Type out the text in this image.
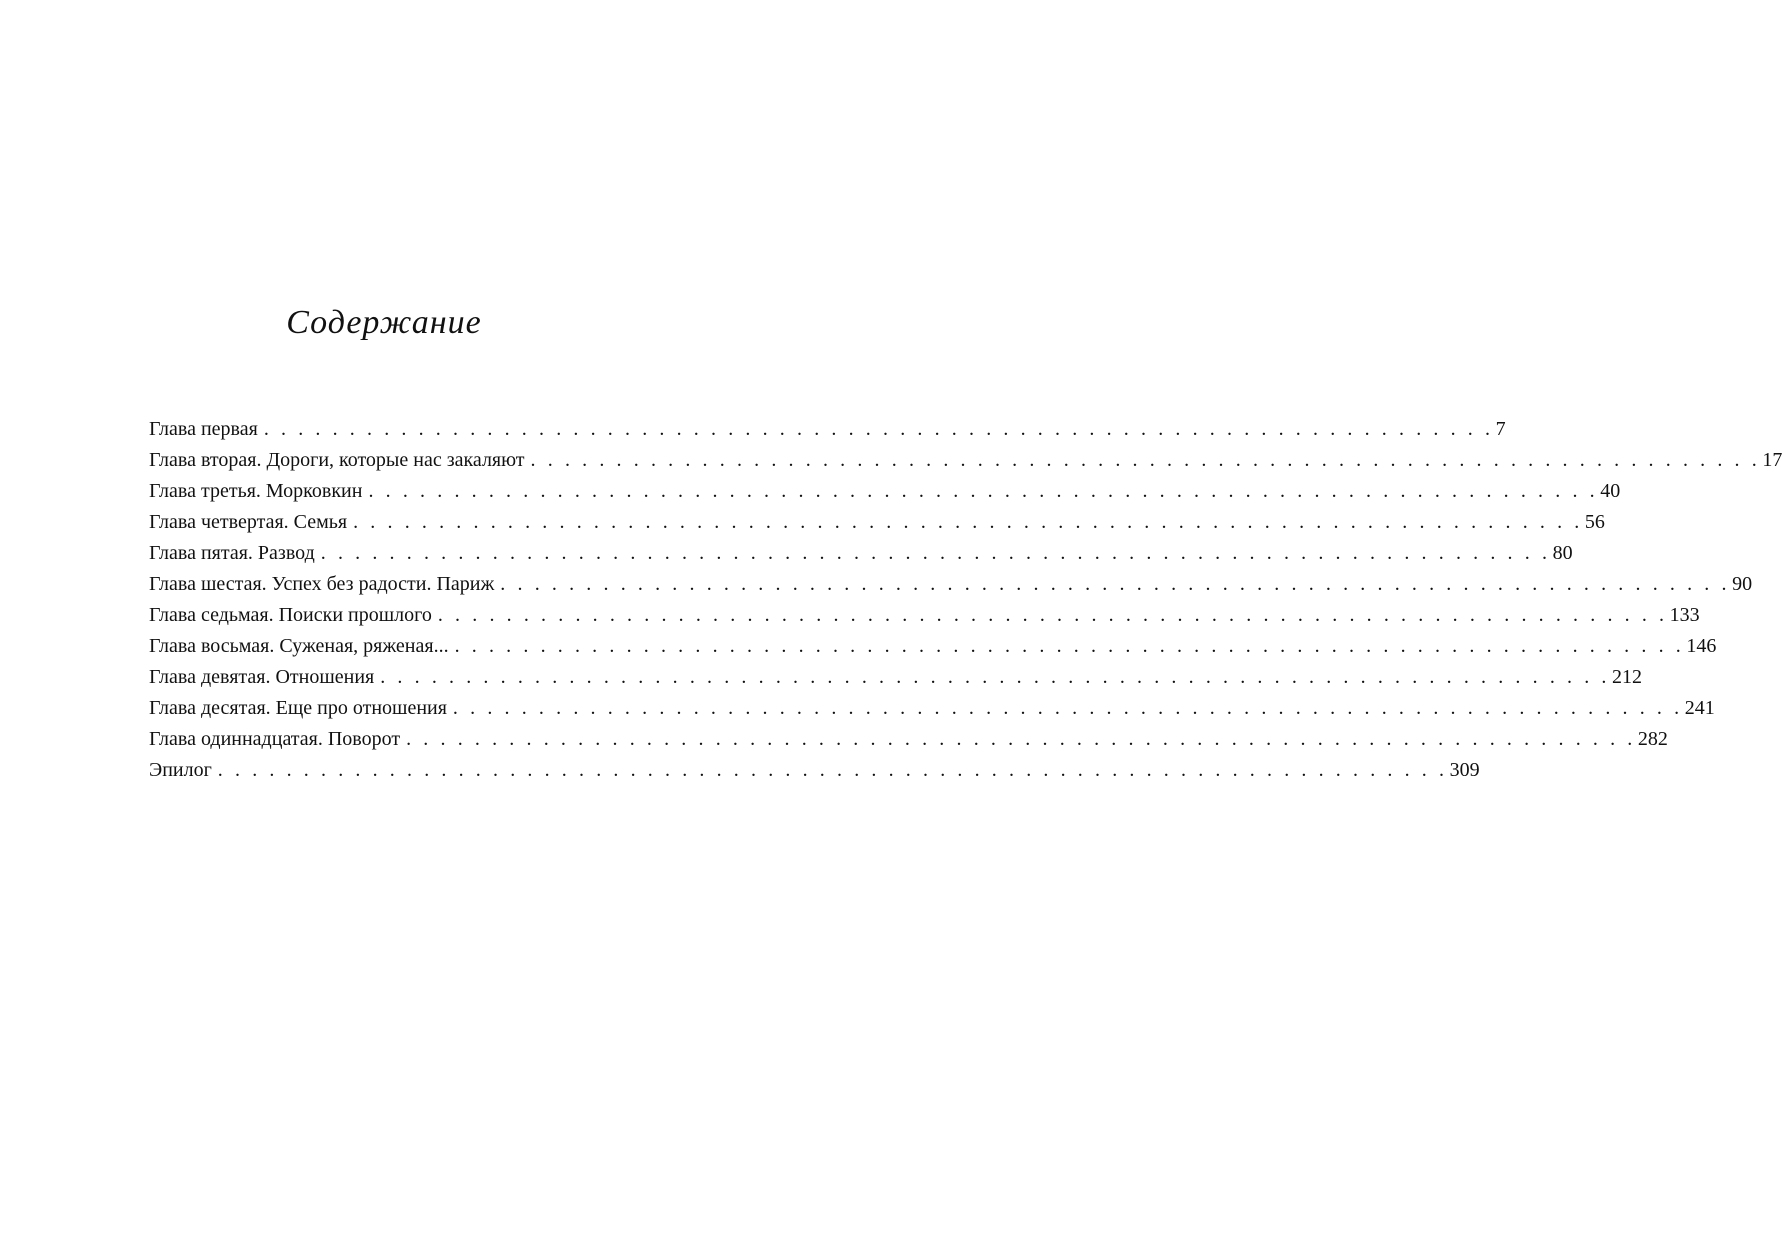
Содержание
Глава первая . . . . . . . . . . . . . . . . . . . . . . . . . . . . . . . . . . . . . . . . . . . . . . . . . . . . . . . . . . . . . . . . . . . . . . . . 7
Глава вторая. Дороги, которые нас закаляют . . . . . . . . . . . . . . . . . . . . . . . . . . . . . . . . . . . . . . . . . . . . . . . . . . . . . . . . . . . . . . . . . . . . . . . . 17
Глава третья. Морковкин . . . . . . . . . . . . . . . . . . . . . . . . . . . . . . . . . . . . . . . . . . . . . . . . . . . . . . . . . . . . . . . . . . . . . . . . 40
Глава четвертая. Семья . . . . . . . . . . . . . . . . . . . . . . . . . . . . . . . . . . . . . . . . . . . . . . . . . . . . . . . . . . . . . . . . . . . . . . . . 56
Глава пятая. Развод . . . . . . . . . . . . . . . . . . . . . . . . . . . . . . . . . . . . . . . . . . . . . . . . . . . . . . . . . . . . . . . . . . . . . . . . 80
Глава шестая. Успех без радости. Париж . . . . . . . . . . . . . . . . . . . . . . . . . . . . . . . . . . . . . . . . . . . . . . . . . . . . . . . . . . . . . . . . . . . . . . . . 90
Глава седьмая. Поиски прошлого . . . . . . . . . . . . . . . . . . . . . . . . . . . . . . . . . . . . . . . . . . . . . . . . . . . . . . . . . . . . . . . . . . . . . . . . 133
Глава восьмая. Суженая, ряженая... . . . . . . . . . . . . . . . . . . . . . . . . . . . . . . . . . . . . . . . . . . . . . . . . . . . . . . . . . . . . . . . . . . . . . . . . 146
Глава девятая. Отношения . . . . . . . . . . . . . . . . . . . . . . . . . . . . . . . . . . . . . . . . . . . . . . . . . . . . . . . . . . . . . . . . . . . . . . . . 212
Глава десятая. Еще про отношения . . . . . . . . . . . . . . . . . . . . . . . . . . . . . . . . . . . . . . . . . . . . . . . . . . . . . . . . . . . . . . . . . . . . . . . . 241
Глава одиннадцатая. Поворот . . . . . . . . . . . . . . . . . . . . . . . . . . . . . . . . . . . . . . . . . . . . . . . . . . . . . . . . . . . . . . . . . . . . . . . . 282
Эпилог . . . . . . . . . . . . . . . . . . . . . . . . . . . . . . . . . . . . . . . . . . . . . . . . . . . . . . . . . . . . . . . . . . . . . . . . 309
